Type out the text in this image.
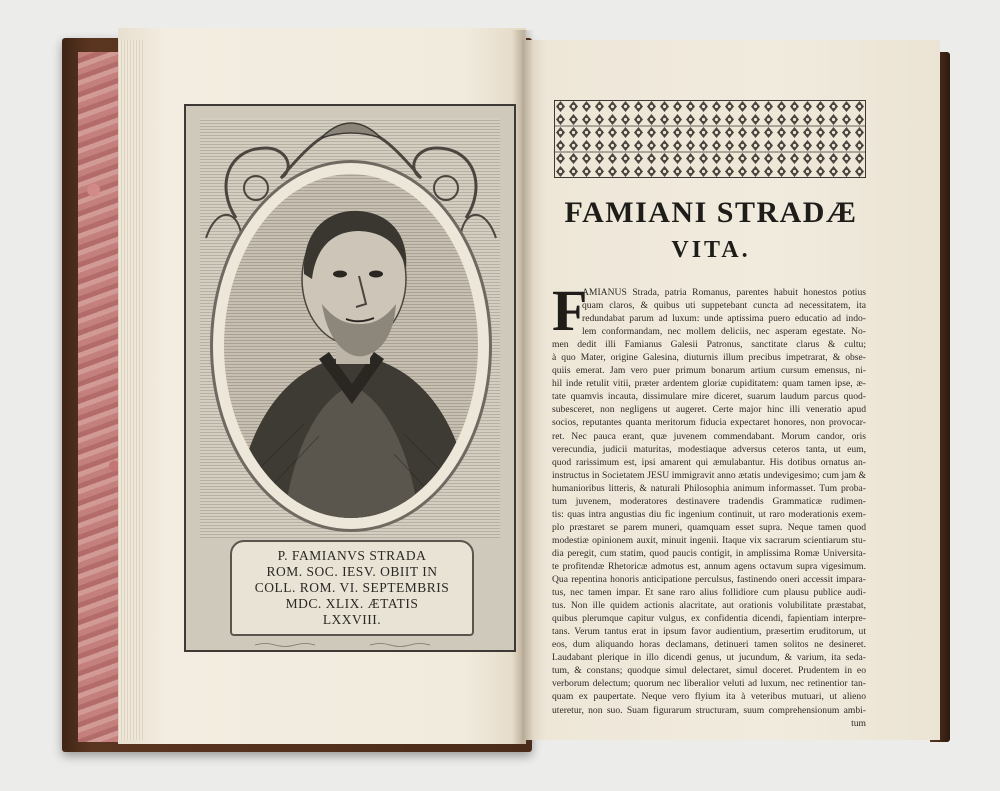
P. FAMIANVS STRADA
ROM. SOC. IESV. OBIIT IN
COLL. ROM. VI. SEPTEMBRIS
MDC. XLIX. ÆTATIS
LXXVIII.
FAMIANI STRADÆ
VITA.
F
AMIANUS Strada, patria Romanus, parentes habuit honestos potius
quam claros, & quibus uti suppetebant cuncta ad necessitatem, ita
redundabat parum ad luxum: unde aptissima puero educatio ad indo-
lem conformandam, nec mollem deliciis, nec asperam egestate. No-
men dedit illi Famianus Galesii Patronus, sanctitate clarus & cultu;
à quo Mater, origine Galesina, diuturnis illum precibus impetrarat, & obse-
quiis emerat. Jam vero puer primum bonarum artium cursum emensus, ni-
hil inde retulit vitii, præter ardentem gloriæ cupiditatem: quam tamen ipse, æ-
tate quamvis incauta, dissimulare mire diceret, suarum laudum parcus quod-
subesceret, non negligens ut augeret. Certe major hinc illi veneratio apud
socios, reputantes quanta meritorum fiducia expectaret honores, non provocar-
ret. Nec pauca erant, quæ juvenem commendabant. Morum candor, oris
verecundia, judicii maturitas, modestiaque adversus ceteros tanta, ut eum,
quod rarissimum est, ipsi amarent qui æmulabantur. His dotibus ornatus an-
instructus in Societatem JESU immigravit anno ætatis undevigesimo; cum jam &
humanioribus litteris, & naturali Philosophia animum informasset. Tum proba-
tum juvenem, moderatores destinavere tradendis Grammaticæ rudimen-
tis: quas intra angustias diu fic ingenium continuit, ut raro moderationis exem-
plo præstaret se parem muneri, quamquam esset supra. Neque tamen quod
modestiæ opinionem auxit, minuit ingenii. Itaque vix sacrarum scientiarum stu-
dia peregit, cum statim, quod paucis contigit, in amplissima Romæ Universita-
te profitendæ Rhetoricæ admotus est, annum agens octavum supra vigesimum.
Qua repentina honoris anticipatione perculsus, fastinendo oneri accessit impara-
tus, nec tamen impar. Et sane raro alius follidiore cum plausu publice audi-
tus. Non ille quidem actionis alacritate, aut orationis volubilitate præstabat,
quibus plerumque capitur vulgus, ex confidentia dicendi, fapientiam interpre-
tans. Verum tantus erat in ipsum favor audientium, præsertim eruditorum, ut
eos, dum aliquando horas declamans, detinueri tamen solitos ne desineret.
Laudabant plerique in illo dicendi genus, ut jucundum, & varium, ita seda-
tum, & constans; quodque simul delectaret, simul doceret. Prudentem in eo
verborum delectum; quorum nec liberalior veluti ad luxum, nec retinentior tan-
quam ex paupertate. Neque vero flyium ita à veteribus mutuari, ut alieno
uteretur, non suo. Suam figurarum structuram, suum comprehensionum ambi-
tum
